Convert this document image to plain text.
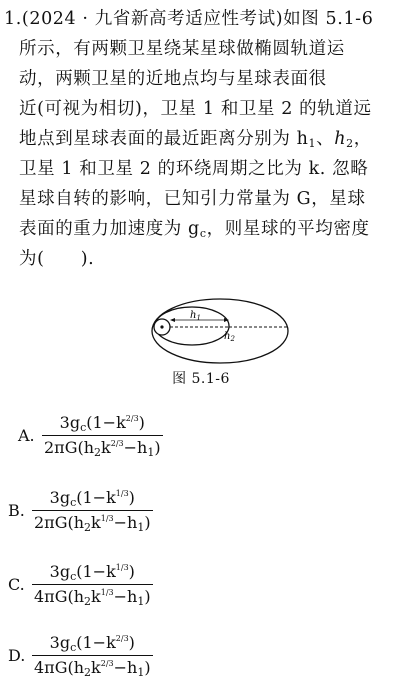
1.(2024 · 九省新高考适应性考试)如图 5.1-6
所示，有两颗卫星绕某星球做椭圆轨道运
动，两颗卫星的近地点均与星球表面很
近(可视为相切)，卫星 1 和卫星 2 的轨道远
地点到星球表面的最近距离分别为 $h_1$、$h_2$，
卫星 1 和卫星 2 的环绕周期之比为 k. 忽略
星球自转的影响，已知引力常量为 G，星球
表面的重力加速度为 $g_c$，则星球的平均密度
为(　　).
$h_1$
$h_2$
图 5.1-6
A.
$3g_c(1-k^{2/3})$
$2\pi G(h_2k^{2/3}-h_1)$
B.
$3g_c(1-k^{1/3})$
$2\pi G(h_2k^{1/3}-h_1)$
C.
$3g_c(1-k^{1/3})$
$4\pi G(h_2k^{1/3}-h_1)$
D.
$3g_c(1-k^{2/3})$
$4\pi G(h_2k^{2/3}-h_1)$
